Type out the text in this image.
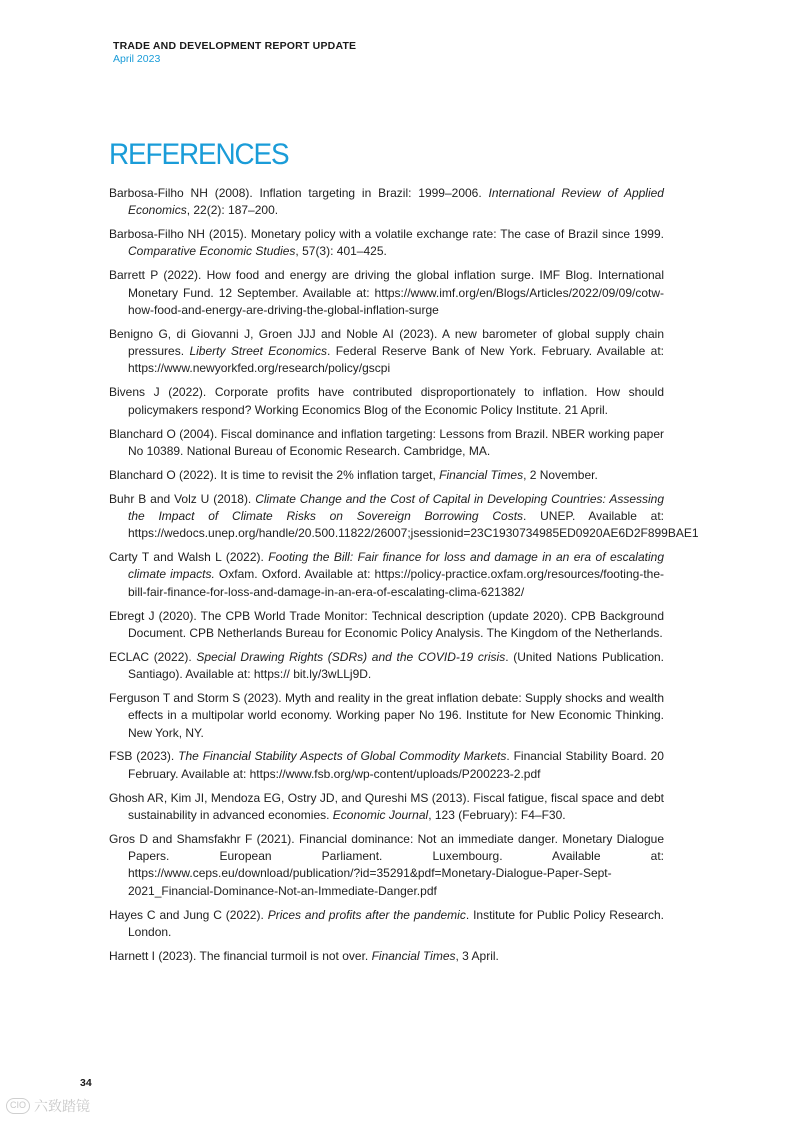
TRADE AND DEVELOPMENT REPORT UPDATE
April 2023
REFERENCES

Barbosa-Filho NH (2008). Inflation targeting in Brazil: 1999–2006. International Review of Applied Economics, 22(2): 187–200.

Barbosa-Filho NH (2015). Monetary policy with a volatile exchange rate: The case of Brazil since 1999. Comparative Economic Studies, 57(3): 401–425.

Barrett P (2022). How food and energy are driving the global inflation surge. IMF Blog. International Monetary Fund. 12 September. Available at: https://www.imf.org/en/Blogs/Articles/2022/09/09/cotw-how-food-and-energy-are-driving-the-global-inflation-surge

Benigno G, di Giovanni J, Groen JJJ and Noble AI (2023). A new barometer of global supply chain pressures. Liberty Street Economics. Federal Reserve Bank of New York. February. Available at: https://www.newyorkfed.org/research/policy/gscpi

Bivens J (2022). Corporate profits have contributed disproportionately to inflation. How should policymakers respond? Working Economics Blog of the Economic Policy Institute. 21 April.

Blanchard O (2004). Fiscal dominance and inflation targeting: Lessons from Brazil. NBER working paper No 10389. National Bureau of Economic Research. Cambridge, MA.

Blanchard O (2022). It is time to revisit the 2% inflation target, Financial Times, 2 November.

Buhr B and Volz U (2018). Climate Change and the Cost of Capital in Developing Countries: Assessing the Impact of Climate Risks on Sovereign Borrowing Costs. UNEP. Available at: https://wedocs.unep.org/handle/20.500.11822/26007;jsessionid=23C1930734985ED0920AE6D2F899BAE1

Carty T and Walsh L (2022). Footing the Bill: Fair finance for loss and damage in an era of escalating climate impacts. Oxfam. Oxford. Available at: https://policy-practice.oxfam.org/resources/footing-the-bill-fair-finance-for-loss-and-damage-in-an-era-of-escalating-clima-621382/

Ebregt J (2020). The CPB World Trade Monitor: Technical description (update 2020). CPB Background Document. CPB Netherlands Bureau for Economic Policy Analysis. The Kingdom of the Netherlands.

ECLAC (2022). Special Drawing Rights (SDRs) and the COVID-19 crisis. (United Nations Publication. Santiago). Available at: https:// bit.ly/3wLLj9D.

Ferguson T and Storm S (2023). Myth and reality in the great inflation debate: Supply shocks and wealth effects in a multipolar world economy. Working paper No 196. Institute for New Economic Thinking. New York, NY.

FSB (2023). The Financial Stability Aspects of Global Commodity Markets. Financial Stability Board. 20 February. Available at: https://www.fsb.org/wp-content/uploads/P200223-2.pdf

Ghosh AR, Kim JI, Mendoza EG, Ostry JD, and Qureshi MS (2013). Fiscal fatigue, fiscal space and debt sustainability in advanced economies. Economic Journal, 123 (February): F4–F30.

Gros D and Shamsfakhr F (2021). Financial dominance: Not an immediate danger. Monetary Dialogue Papers. European Parliament. Luxembourg. Available at: https://www.ceps.eu/download/publication/?id=35291&pdf=Monetary-Dialogue-Paper-Sept-2021_Financial-Dominance-Not-an-Immediate-Danger.pdf

Hayes C and Jung C (2022). Prices and profits after the pandemic. Institute for Public Policy Research. London.

Harnett I (2023). The financial turmoil is not over. Financial Times, 3 April.

34
CIO 六致踏镜
